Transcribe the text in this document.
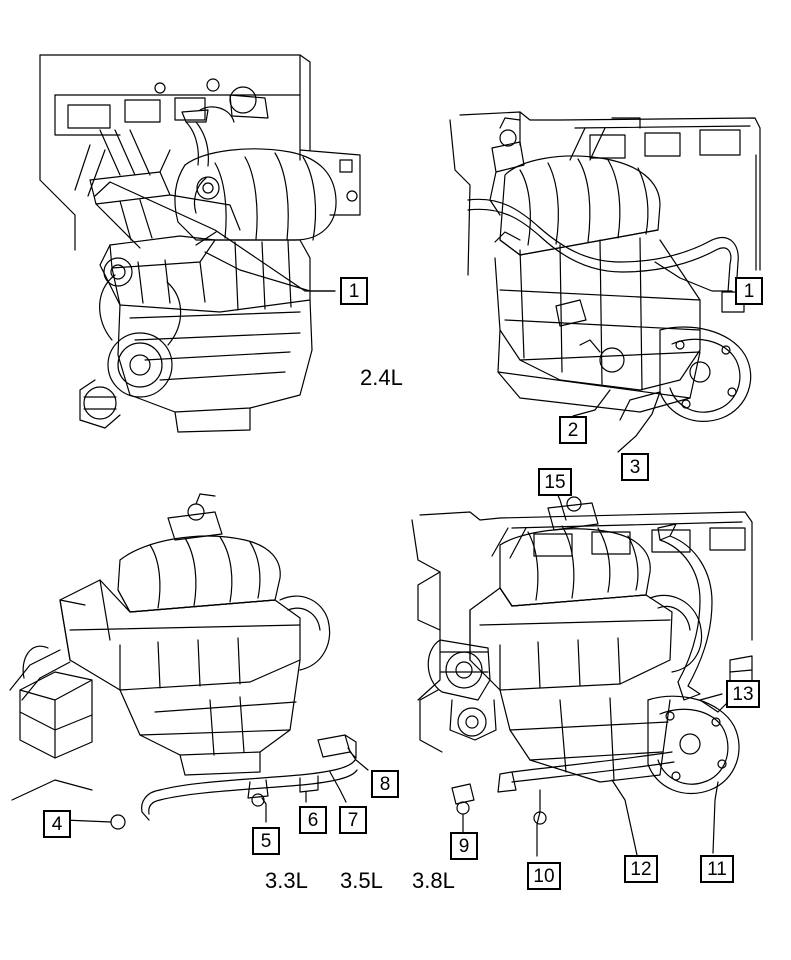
2.4L
3.3L 3.5L 3.8L
1	1
2
3
15
4
5
6	7
8
9
10	11
12
13
